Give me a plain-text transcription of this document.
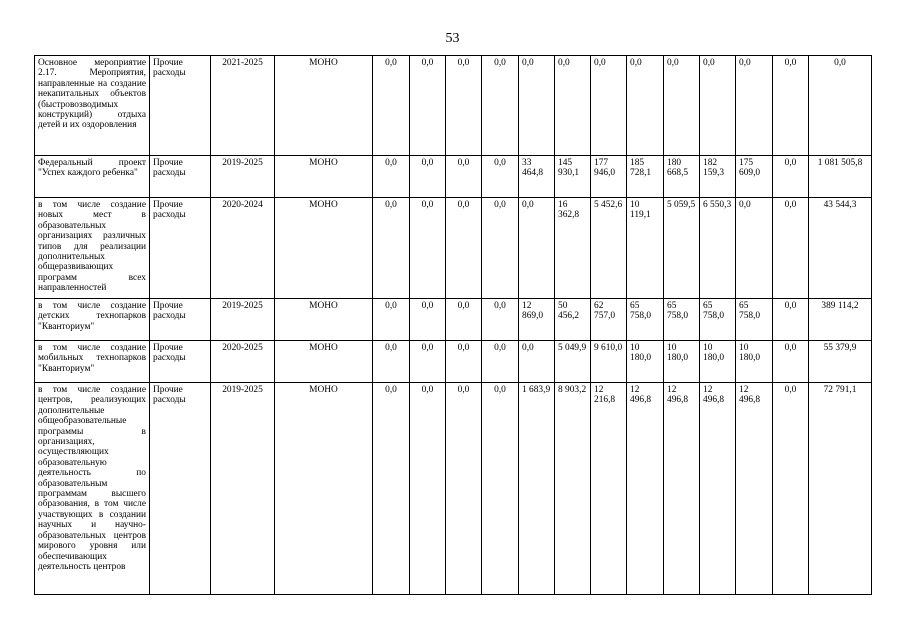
53
Основное мероприятие 2.17. Мероприятия, направленные на создание некапитальных объектов (быстровозводимых конструкций) отдыха детей и их оздоровления	Прочие расходы	2021-2025	МОНО	0,0	0,0	0,0	0,0	0,0	0,0	0,0	0,0	0,0	0,0	0,0	0,0	0,0
Федеральный проект "Успех каждого ребенка"	Прочие расходы	2019-2025	МОНО	0,0	0,0	0,0	0,0	33 464,8	145 930,1	177 946,0	185 728,1	180 668,5	182 159,3	175 609,0	0,0	1 081 505,8
в том числе создание новых мест в образовательных организациях различных типов для реализации дополнительных общеразвивающих программ всех направленностей	Прочие расходы	2020-2024	МОНО	0,0	0,0	0,0	0,0	0,0	16 362,8	5 452,6	10 119,1	5 059,5	6 550,3	0,0	0,0	43 544,3
в том числе создание детских технопарков "Кванториум"	Прочие расходы	2019-2025	МОНО	0,0	0,0	0,0	0,0	12 869,0	50 456,2	62 757,0	65 758,0	65 758,0	65 758,0	65 758,0	0,0	389 114,2
в том числе создание мобильных технопарков "Кванториум"	Прочие расходы	2020-2025	МОНО	0,0	0,0	0,0	0,0	0,0	5 049,9	9 610,0	10 180,0	10 180,0	10 180,0	10 180,0	0,0	55 379,9
в том числе создание центров, реализующих дополнительные общеобразовательные программы в организациях, осуществляющих образовательную деятельность по образовательным программам высшего образования, в том числе участвующих в создании научных и научно-образовательных центров мирового уровня или обеспечивающих деятельность центров	Прочие расходы	2019-2025	МОНО	0,0	0,0	0,0	0,0	1 683,9	8 903,2	12 216,8	12 496,8	12 496,8	12 496,8	12 496,8	0,0	72 791,1
